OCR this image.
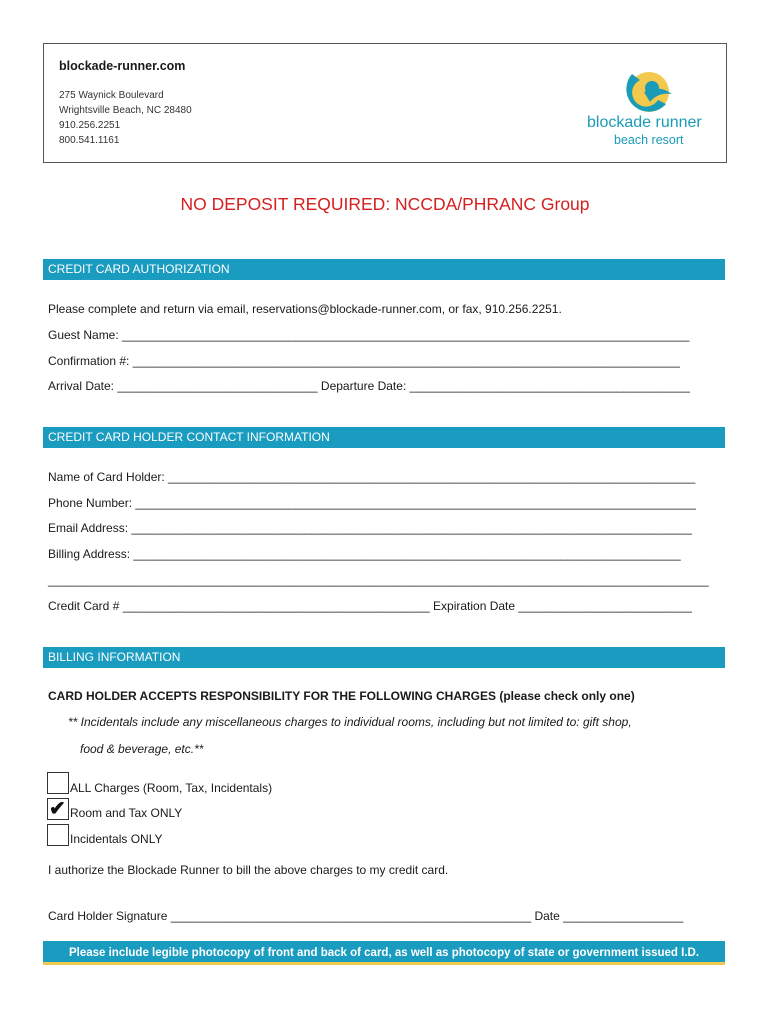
blockade-runner.com
275 Waynick Boulevard
Wrightsville Beach, NC 28480
910.256.2251
800.541.1161
blockade runner
beach resort
NO DEPOSIT REQUIRED: NCCDA/PHRANC Group
CREDIT CARD AUTHORIZATION
Please complete and return via email, reservations@blockade-runner.com, or fax, 910.256.2251.
Guest Name: _____________________________________________________________________________________
Confirmation #: __________________________________________________________________________________
Arrival Date: ______________________________ Departure Date: __________________________________________
CREDIT CARD HOLDER CONTACT INFORMATION
Name of Card Holder: _______________________________________________________________________________
Phone Number: ____________________________________________________________________________________
Email Address: ____________________________________________________________________________________
Billing Address: __________________________________________________________________________________
___________________________________________________________________________________________________
Credit Card # ______________________________________________ Expiration Date __________________________
BILLING INFORMATION
CARD HOLDER ACCEPTS RESPONSIBILITY FOR THE FOLLOWING CHARGES (please check only one)
** Incidentals include any miscellaneous charges to individual rooms, including but not limited to: gift shop,
food & beverage, etc.**
ALL Charges (Room, Tax, Incidentals)
✔ Room and Tax ONLY
Incidentals ONLY
I authorize the Blockade Runner to bill the above charges to my credit card.
Card Holder Signature ______________________________________________________ Date __________________
Please include legible photocopy of front and back of card, as well as photocopy of state or government issued I.D.
